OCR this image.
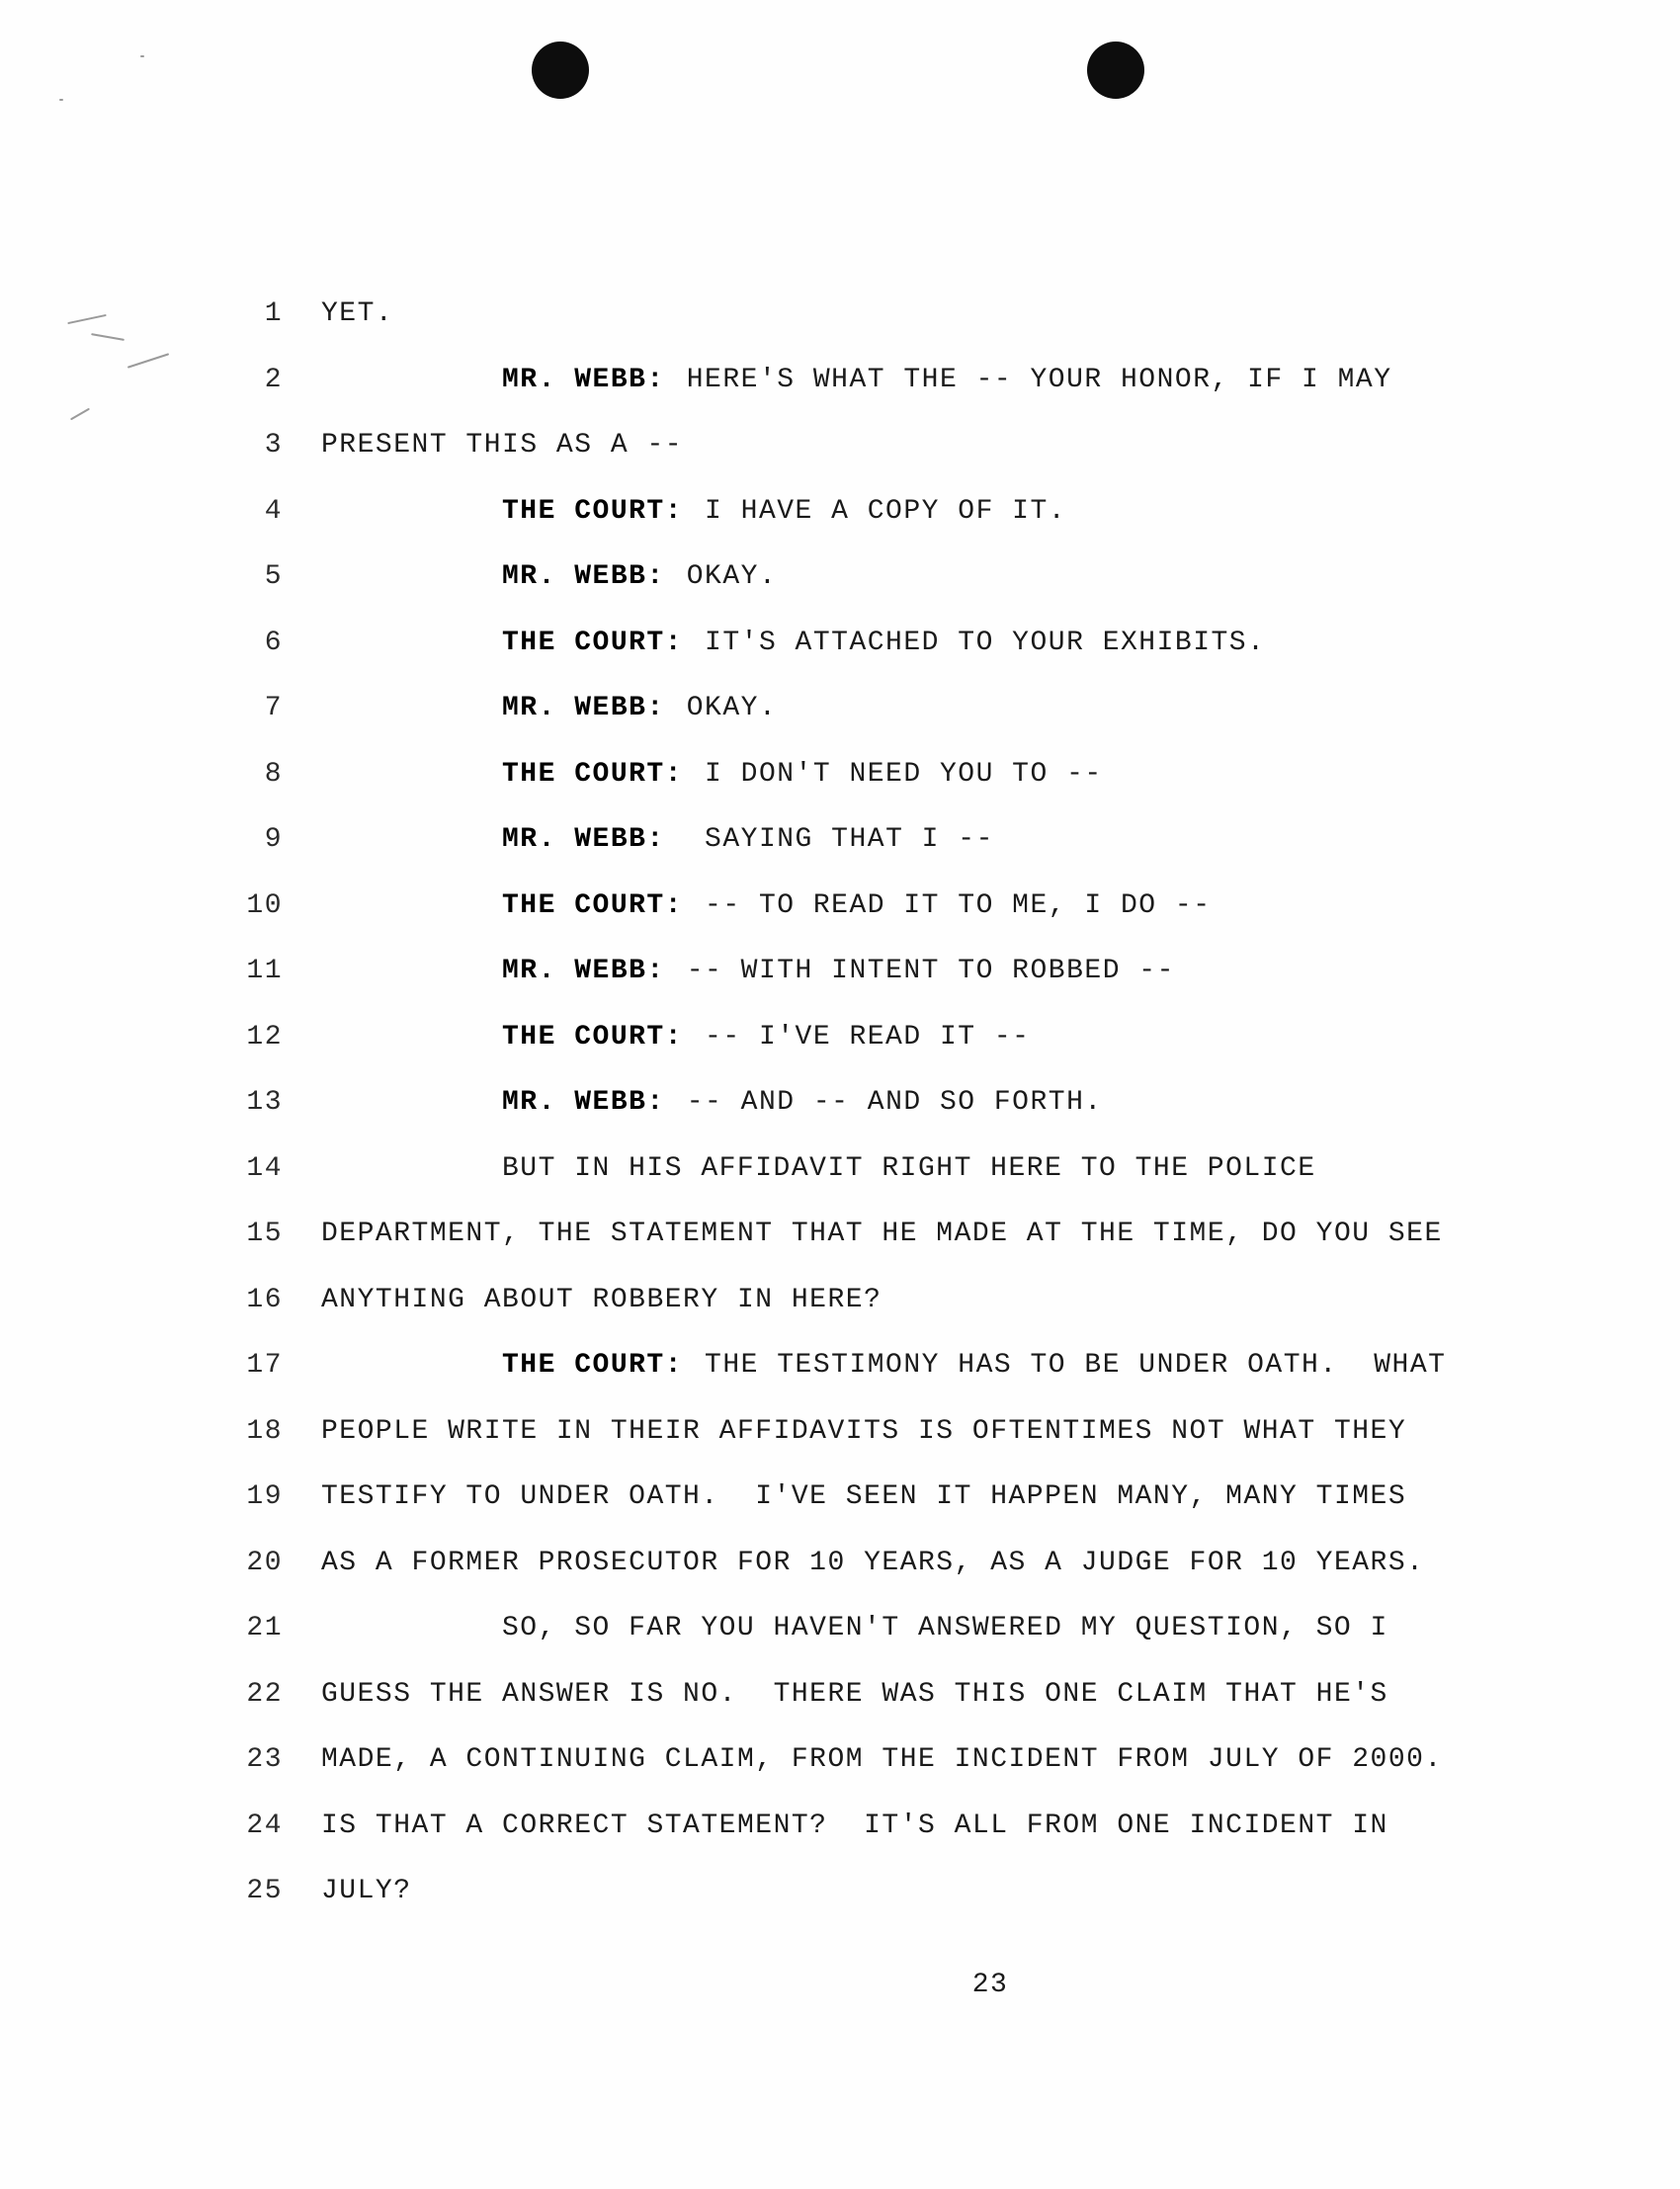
1 YET.
2	MR. WEBB: HERE'S WHAT THE -- YOUR HONOR, IF I MAY
3 PRESENT THIS AS A --
4	THE COURT: I HAVE A COPY OF IT.
5	MR. WEBB: OKAY.
6	THE COURT: IT'S ATTACHED TO YOUR EXHIBITS.
7	MR. WEBB: OKAY.
8	THE COURT: I DON'T NEED YOU TO --
9	MR. WEBB: SAYING THAT I --
10	THE COURT: -- TO READ IT TO ME, I DO --
11	MR. WEBB: -- WITH INTENT TO ROBBED --
12	THE COURT: -- I'VE READ IT --
13	MR. WEBB: -- AND -- AND SO FORTH.
14	BUT IN HIS AFFIDAVIT RIGHT HERE TO THE POLICE
15 DEPARTMENT, THE STATEMENT THAT HE MADE AT THE TIME, DO YOU SEE
16 ANYTHING ABOUT ROBBERY IN HERE?
17	THE COURT: THE TESTIMONY HAS TO BE UNDER OATH.  WHAT
18 PEOPLE WRITE IN THEIR AFFIDAVITS IS OFTENTIMES NOT WHAT THEY
19 TESTIFY TO UNDER OATH.  I'VE SEEN IT HAPPEN MANY, MANY TIMES
20 AS A FORMER PROSECUTOR FOR 10 YEARS, AS A JUDGE FOR 10 YEARS.
21	SO, SO FAR YOU HAVEN'T ANSWERED MY QUESTION, SO I
22 GUESS THE ANSWER IS NO.  THERE WAS THIS ONE CLAIM THAT HE'S
23 MADE, A CONTINUING CLAIM, FROM THE INCIDENT FROM JULY OF 2000.
24 IS THAT A CORRECT STATEMENT?  IT'S ALL FROM ONE INCIDENT IN
25 JULY?
23
